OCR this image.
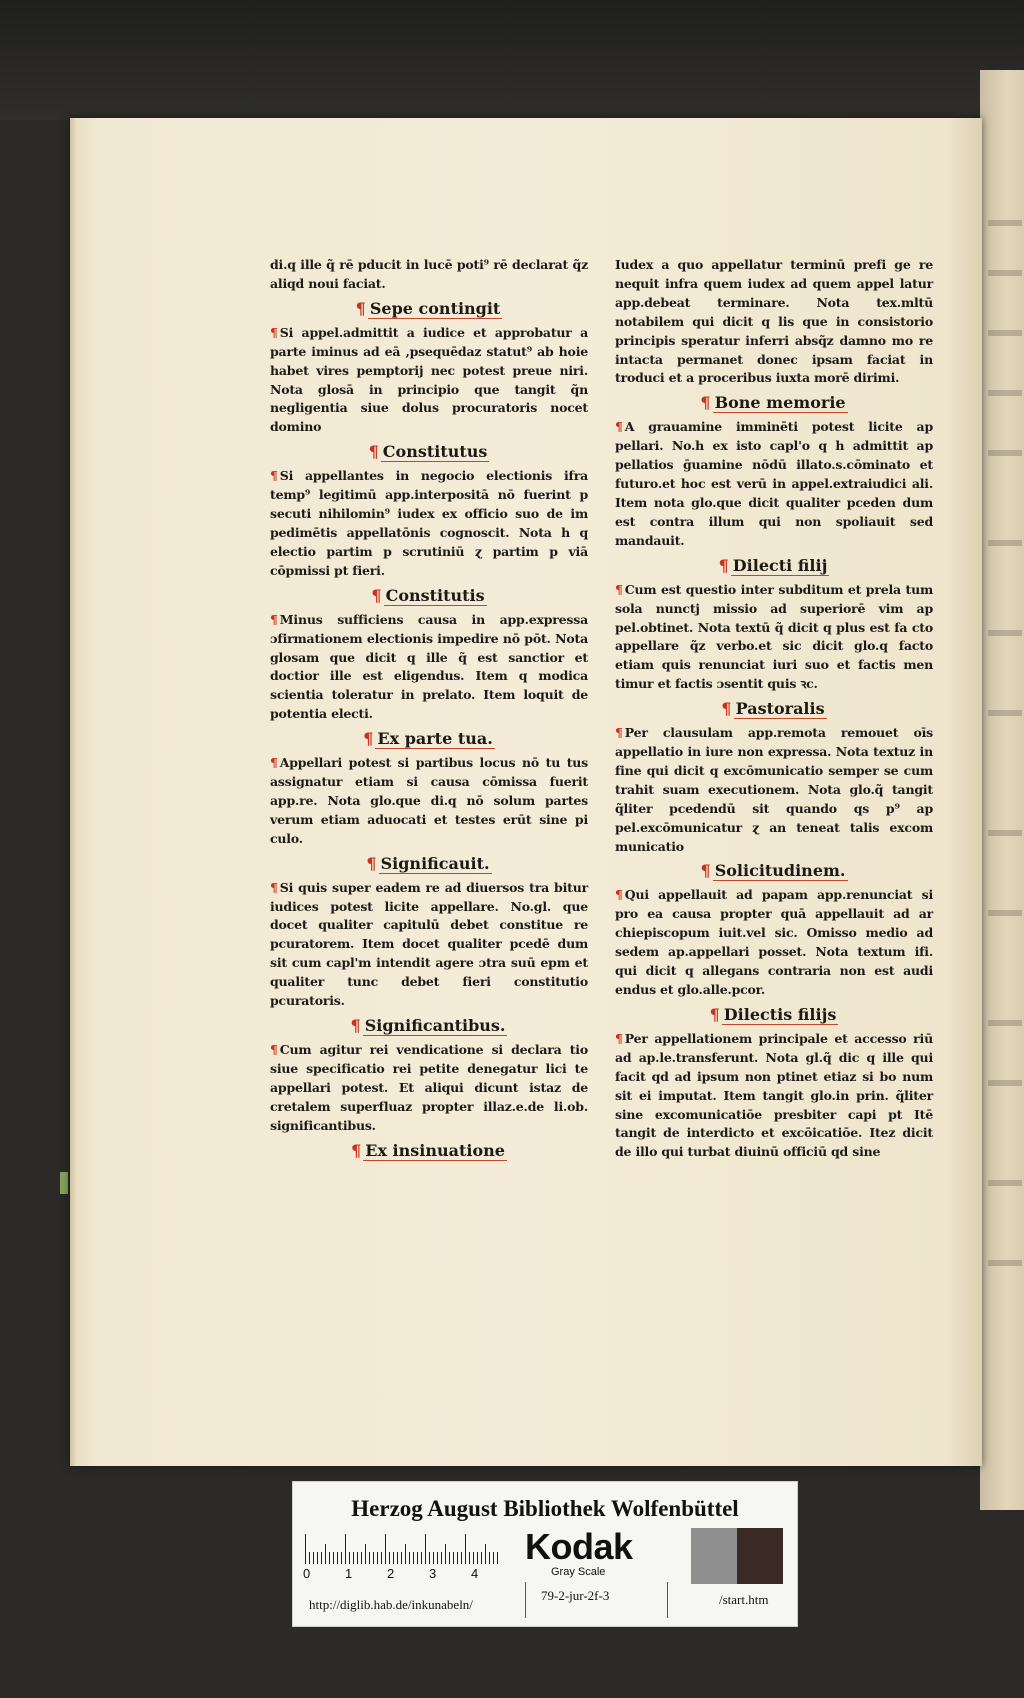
di.q ille q̃ rē pducit in lucē poti⁹ rē declarat q̃z aliqd noui faciat.

¶ Sepe contingit

¶ Si appel.admittit a iudice et approbatur a parte iminus ad eā ,psequēdaz statut⁹ ab hoie habet vires pemptorij nec potest preue niri. Nota glosā in principio que tangit q̃n negligentia siue dolus procuratoris nocet domino

¶ Constitutus

¶ Si appellantes in negocio electionis ifra temp⁹ legitimū app.interpositā nō fuerint p secuti nihilomin⁹ iudex ex officio suo de im pedimētis appellatōnis cognoscit. Nota h q electio partim p scrutiniū ɀ partim p viā cōpmissi pt fieri.

¶ Constitutis

¶ Minus sufficiens causa in app.expressa ɔfirmationem electionis impedire nō pōt. Nota glosam que dicit q ille q̃ est sanctior et doctior ille est eligendus. Item q modica scientia toleratur in prelato. Item loquit de potentia electi.

¶ Ex parte tua.

¶ Appellari potest si partibus locus nō tu tus assignatur etiam si causa cōmissa fuerit app.re. Nota glo.que di.q nō solum partes verum etiam aduocati et testes erūt sine pi culo.

¶ Significauit.

¶ Si quis super eadem re ad diuersos tra bitur iudices potest licite appellare. No.gl. que docet qualiter capitulū debet constitue re pcuratorem. Item docet qualiter pcedē dum sit cum capl'm intendit agere ɔtra suū epm et qualiter tunc debet fieri constitutio pcuratoris.

¶ Significantibus.

¶ Cum agitur rei vendicatione si declara tio siue specificatio rei petite denegatur lici te appellari potest. Et aliqui dicunt istaz de cretalem superfluaz propter illaz.e.de li.ob. significantibus.

¶ Ex insinuatione

Iudex a quo appellatur terminū prefi ge re nequit infra quem iudex ad quem appel latur app.debeat terminare. Nota tex.mltū notabilem qui dicit q lis que in consistorio principis speratur inferri absq̃z damno mo re intacta permanet donec ipsam faciat in troduci et a proceribus iuxta morē dirimi.

¶ Bone memorie

¶ A grauamine imminēti potest licite ap pellari. No.h ex isto capl'o q h admittit ap pellatios ḡuamine nōdū illato.s.cōminato et futuro.et hoc est verū in appel.extraiudici ali. Item nota glo.que dicit qualiter pceden dum est contra illum qui non spoliauit sed mandauit.

¶ Dilecti filij

¶ Cum est questio inter subditum et prela tum sola nunctj missio ad superiorē vim ap pel.obtinet. Nota textū q̃ dicit q plus est fa cto appellare q̃z verbo.et sic dicit glo.q facto etiam quis renunciat iuri suo et factis men timur et factis ɔsentit quis ꝛc.

¶ Pastoralis

¶ Per clausulam app.remota remouet oīs appellatio in iure non expressa. Nota textuz in fine qui dicit q excōmunicatio semper se cum trahit suam executionem. Nota glo.q̃ tangit q̃liter pcedendū sit quando qs p⁹ ap pel.excōmunicatur ɀ an teneat talis excom municatio

¶ Solicitudinem.

¶ Qui appellauit ad papam app.renunciat si pro ea causa propter quā appellauit ad ar chiepiscopum iuit.vel sic. Omisso medio ad sedem ap.appellari posset. Nota textum ifi. qui dicit q allegans contraria non est audi endus et glo.alle.pcor.

¶ Dilectis filijs

¶ Per appellationem principale et accesso riū ad ap.le.transferunt. Nota gl.q̃ dic q ille qui facit qd ad ipsum non ptinet etiaz si bo num sit ei imputat. Item tangit glo.in prin. q̃liter sine excomunicatiōe presbiter capi pt Itē tangit de interdicto et excōicatiōe. Itez dicit de illo qui turbat diuinū officiū qd sine

Herzog August Bibliothek Wolfenbüttel
0	1	2	3	4
Kodak
Gray Scale
http://diglib.hab.de/inkunabeln/
79-2-jur-2f-3	/start.htm
